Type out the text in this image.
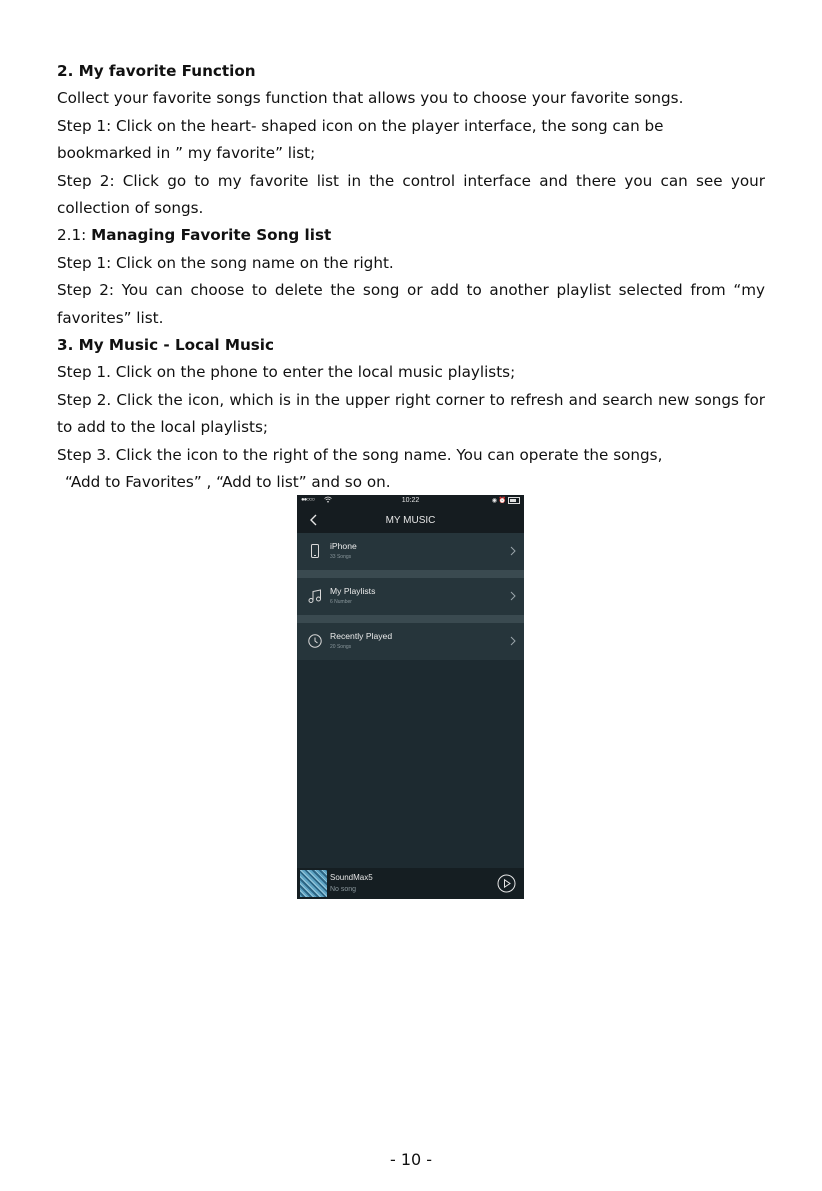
2. My favorite Function
Collect your favorite songs function that allows you to choose your favorite songs.
Step 1: Click on the heart- shaped icon on the player interface, the song can be
bookmarked in ” my favorite” list;
Step 2: Click go to my favorite list in the control interface and there you can see your
collection of songs.
2.1: Managing Favorite Song list
Step 1: Click on the song name on the right.
Step 2: You can choose to delete the song or add to another playlist selected from “my
favorites” list.
3. My Music - Local Music
Step 1. Click on the phone to enter the local music playlists;
Step 2. Click the icon, which is in the upper right corner to refresh and search new songs for
to add to the local playlists;
Step 3. Click the icon to the right of the song name. You can operate the songs,
“Add to Favorites” , “Add to list” and so on.
●●○○○	10:22	◉ ⏰
MY MUSIC
iPhone
33 Songs
My Playlists
6 Number
Recently Played
20 Songs
SoundMax5
No song
- 10 -
